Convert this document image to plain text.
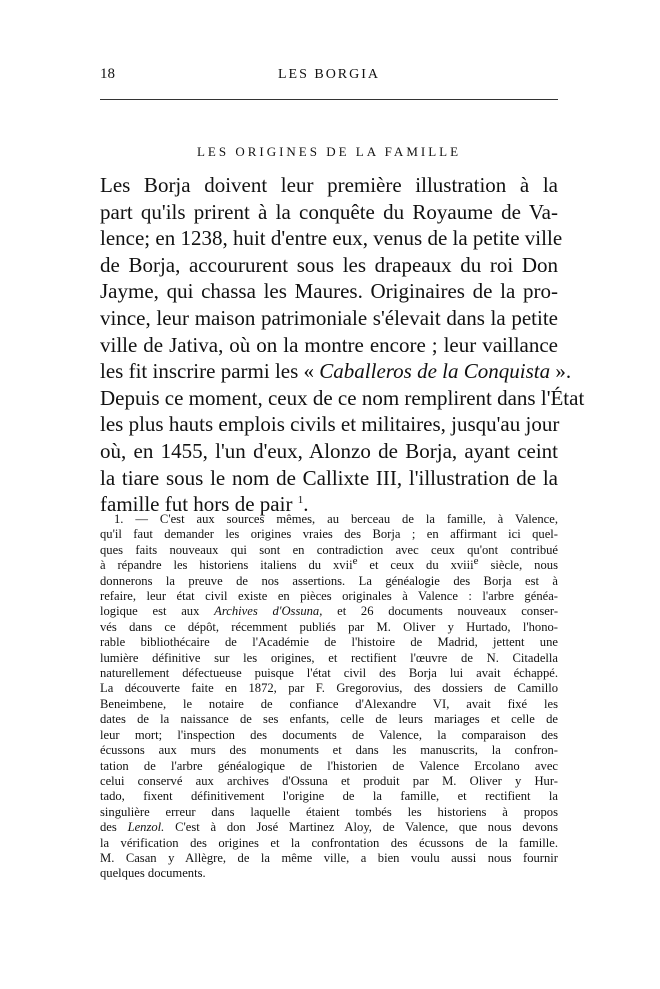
18	LES BORGIA
LES ORIGINES DE LA FAMILLE
Les Borja doivent leur première illustration à la
part qu'ils prirent à la conquête du Royaume de Va-
lence; en 1238, huit d'entre eux, venus de la petite ville
de Borja, accoururent sous les drapeaux du roi Don
Jayme, qui chassa les Maures. Originaires de la pro-
vince, leur maison patrimoniale s'élevait dans la petite
ville de Jativa, où on la montre encore ; leur vaillance
les fit inscrire parmi les « Caballeros de la Conquista ».
Depuis ce moment, ceux de ce nom remplirent dans l'État
les plus hauts emplois civils et militaires, jusqu'au jour
où, en 1455, l'un d'eux, Alonzo de Borja, ayant ceint
la tiare sous le nom de Callixte III, l'illustration de la
famille fut hors de pair $^1$.
1. — C'est aux sources mêmes, au berceau de la famille, à Valence,
qu'il faut demander les origines vraies des Borja ; en affirmant ici quel-
ques faits nouveaux qui sont en contradiction avec ceux qu'ont contribué
à répandre les historiens italiens du xvii$^e$ et ceux du xviii$^e$ siècle, nous
donnerons la preuve de nos assertions. La généalogie des Borja est à
refaire, leur état civil existe en pièces originales à Valence : l'arbre généa-
logique est aux Archives d'Ossuna, et 26 documents nouveaux conser-
vés dans ce dépôt, récemment publiés par M. Oliver y Hurtado, l'hono-
rable bibliothécaire de l'Académie de l'histoire de Madrid, jettent une
lumière définitive sur les origines, et rectifient l'œuvre de N. Citadella
naturellement défectueuse puisque l'état civil des Borja lui avait échappé.
La découverte faite en 1872, par F. Gregorovius, des dossiers de Camillo
Beneimbene, le notaire de confiance d'Alexandre VI, avait fixé les
dates de la naissance de ses enfants, celle de leurs mariages et celle de
leur mort; l'inspection des documents de Valence, la comparaison des
écussons aux murs des monuments et dans les manuscrits, la confron-
tation de l'arbre généalogique de l'historien de Valence Ercolano avec
celui conservé aux archives d'Ossuna et produit par M. Oliver y Hur-
tado, fixent définitivement l'origine de la famille, et rectifient la
singulière erreur dans laquelle étaient tombés les historiens à propos
des Lenzol. C'est à don José Martinez Aloy, de Valence, que nous devons
la vérification des origines et la confrontation des écussons de la famille.
M. Casan y Allègre, de la même ville, a bien voulu aussi nous fournir
quelques documents.
